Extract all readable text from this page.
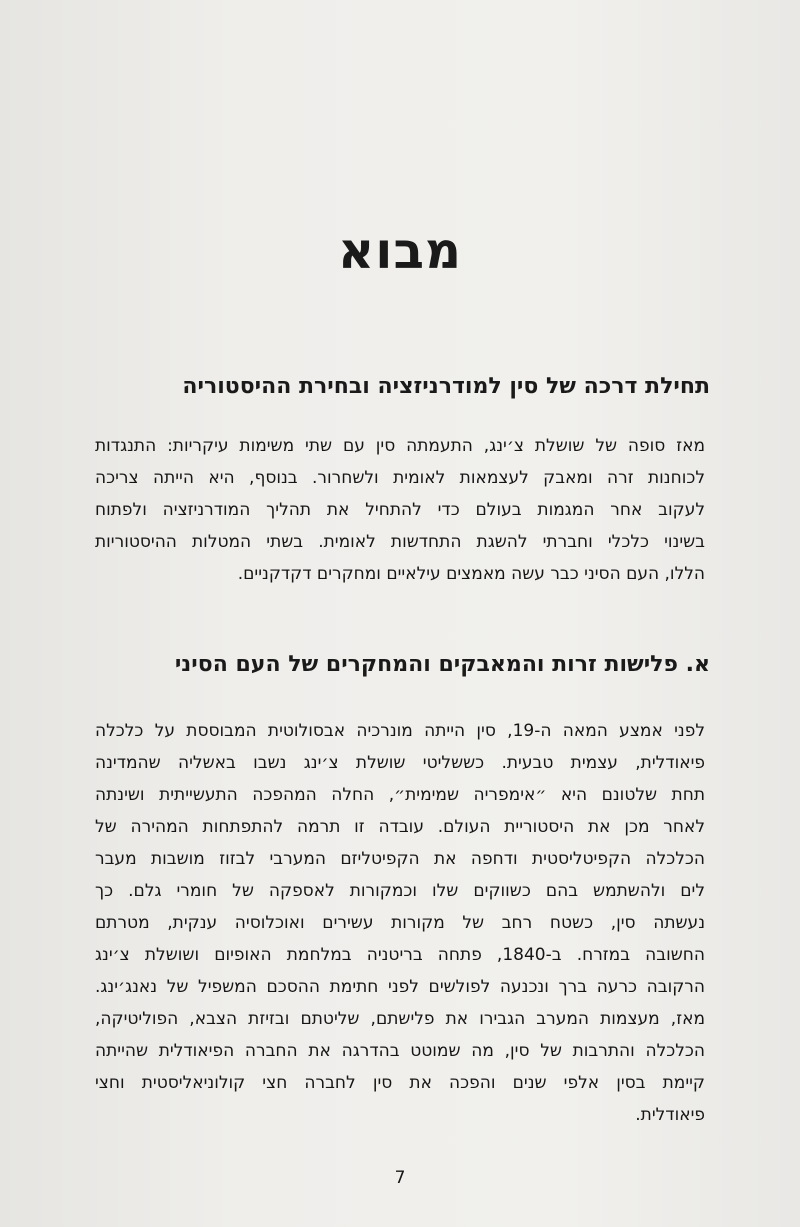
מבוא
תחילת דרכה של סין למודרניזציה ובחירת ההיסטוריה
מאז סופה של שושלת צ׳ינג, התעמתה סין עם שתי משימות עיקריות: התנגדות
לכוחנות זרה ומאבק לעצמאות לאומית ולשחרור. בנוסף, היא הייתה צריכה
לעקוב אחר המגמות בעולם כדי להתחיל את תהליך המודרניזציה ולפתוח
בשינוי כלכלי וחברתי להשגת התחדשות לאומית. בשתי המטלות ההיסטוריות
הללו, העם הסיני כבר עשה מאמצים עילאיים ומחקרים דקדקניים.
א. פלישות זרות והמאבקים והמחקרים של העם הסיני
לפני אמצע המאה ה-19, סין הייתה מונרכיה אבסולוטית המבוססת על כלכלה
פיאודלית, עצמית טבעית. כששליטי שושלת צ׳ינג נשבו באשליה שהמדינה
תחת שלטונם היא ״אימפריה שמימית״, החלה המהפכה התעשייתית ושינתה
לאחר מכן את היסטוריית העולם. עובדה זו תרמה להתפתחות המהירה של
הכלכלה הקפיטליסטית ודחפה את הקפיטליזם המערבי לבזוז מושבות מעבר
לים ולהשתמש בהם כשווקים שלו וכמקורות לאספקה של חומרי גלם. כך
נעשתה סין, כשטח רחב של מקורות עשירים ואוכלוסיה ענקית, מטרתם
החשובה במזרח. ב-1840, פתחה בריטניה במלחמת האופיום ושושלת צ׳ינג
הרקובה כרעה ברך ונכנעה לפולשים לפני חתימת ההסכם המשפיל של נאנג׳ינג.
מאז, מעצמות המערב הגבירו את פלישתם, שליטתם ובזיזת הצבא, הפוליטיקה,
הכלכלה והתרבות של סין, מה שמוטט בהדרגה את החברה הפיאודלית שהייתה
קיימת בסין אלפי שנים והפכה את סין לחברה חצי קולוניאליסטית וחצי
פיאודלית.
7
